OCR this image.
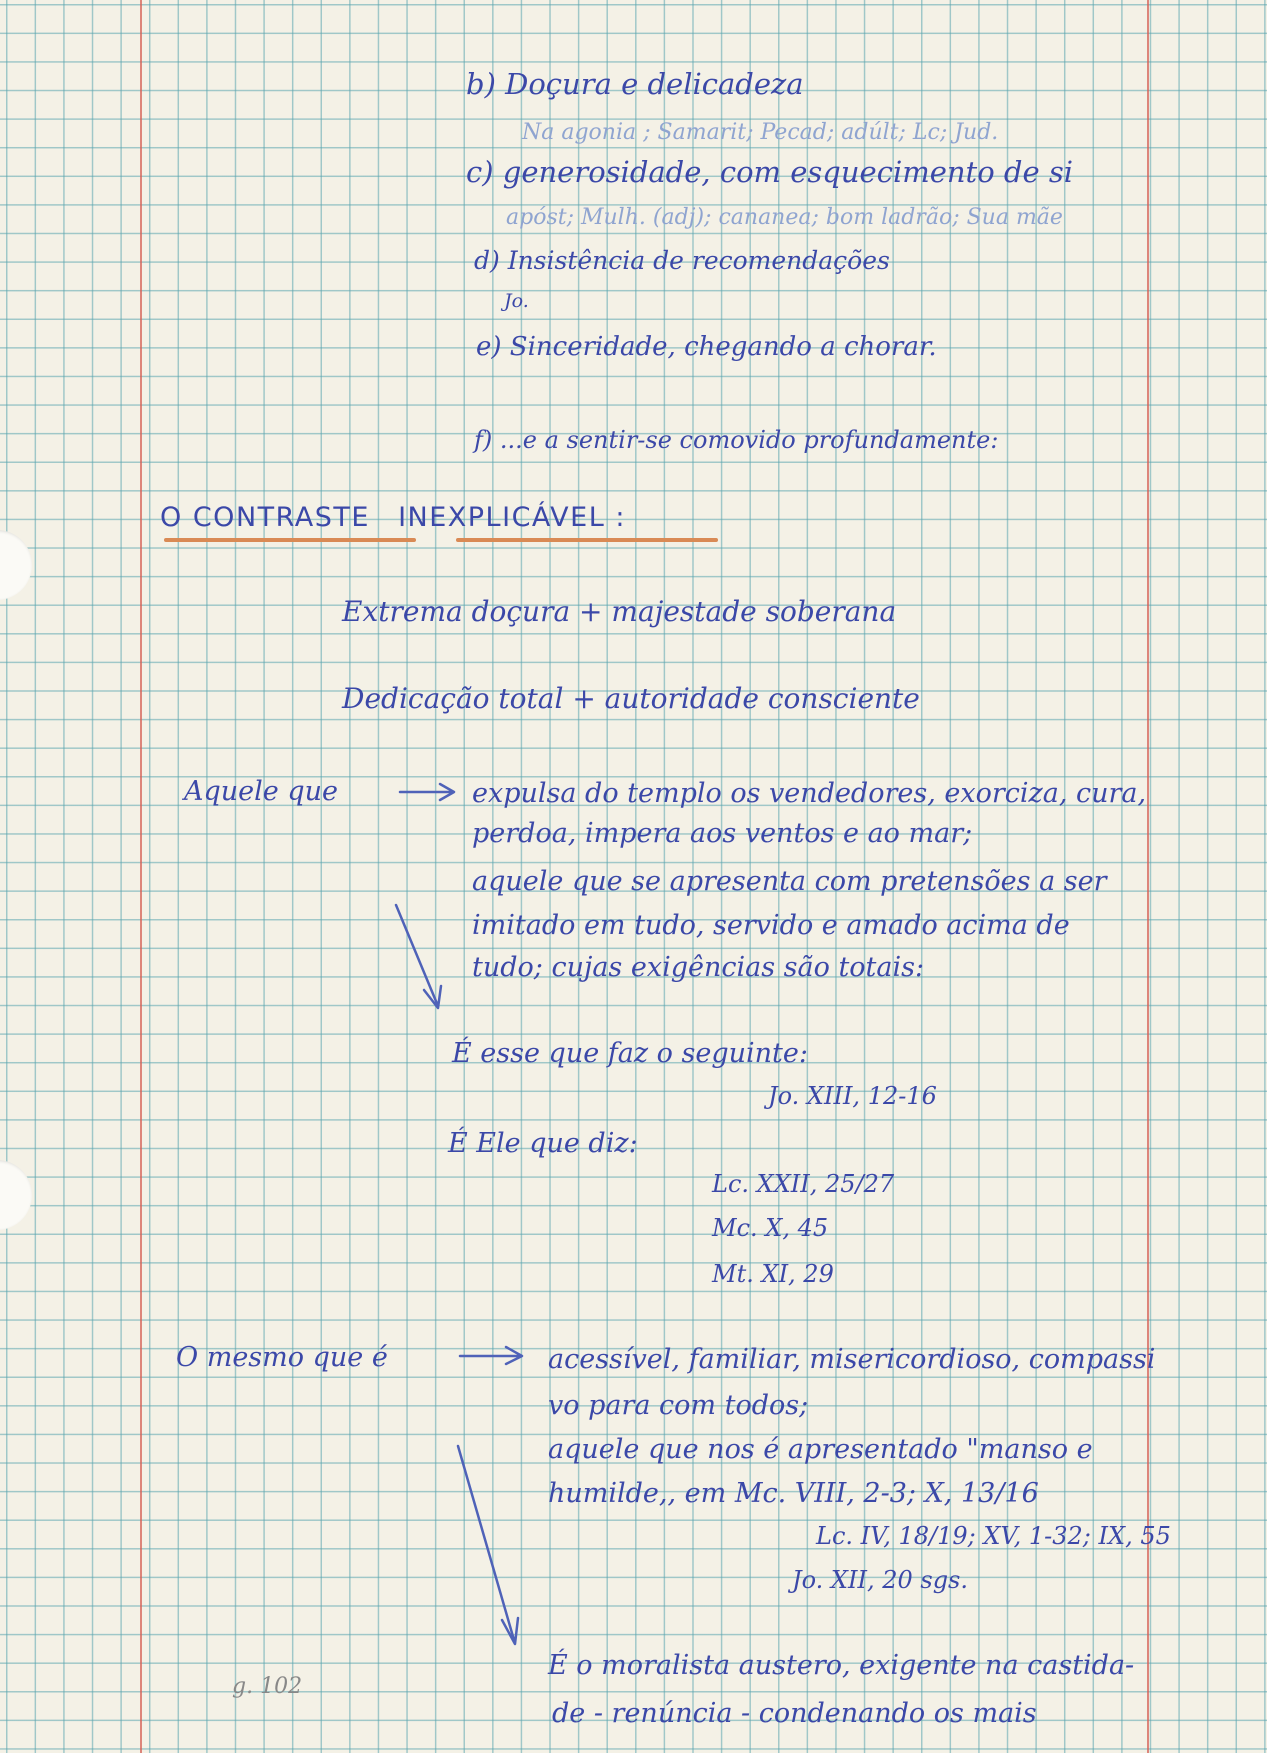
b) Doçura e delicadeza
Na agonia ; Samarit; Pecad; adúlt; Lc; Jud.
c) generosidade, com esquecimento de si
apóst; Mulh. (adj); cananea; bom ladrão; Sua mãe
d) Insistência de recomendações
Jo.
e) Sinceridade, chegando a chorar.
f) ...e a sentir-se comovido profundamente:
O CONTRASTE INEXPLICÁVEL :
Extrema doçura + majestade soberana
Dedicação total + autoridade consciente
Aquele que	expulsa do templo os vendedores, exorciza, cura,
perdoa, impera aos ventos e ao mar;
aquele que se apresenta com pretensões a ser
imitado em tudo, servido e amado acima de
tudo; cujas exigências são totais:
É esse que faz o seguinte:
Jo. XIII, 12-16
É Ele que diz:
Lc. XXII, 25/27
Mc. X, 45
Mt. XI, 29
O mesmo que é	acessível, familiar, misericordioso, compassi
vo para com todos;
aquele que nos é apresentado "manso e
humilde,, em Mc. VIII, 2-3; X, 13/16
Lc. IV, 18/19; XV, 1-32; IX, 55
Jo. XII, 20 sgs.
É o moralista austero, exigente na castida-
de - renúncia - condenando os mais
g. 102
